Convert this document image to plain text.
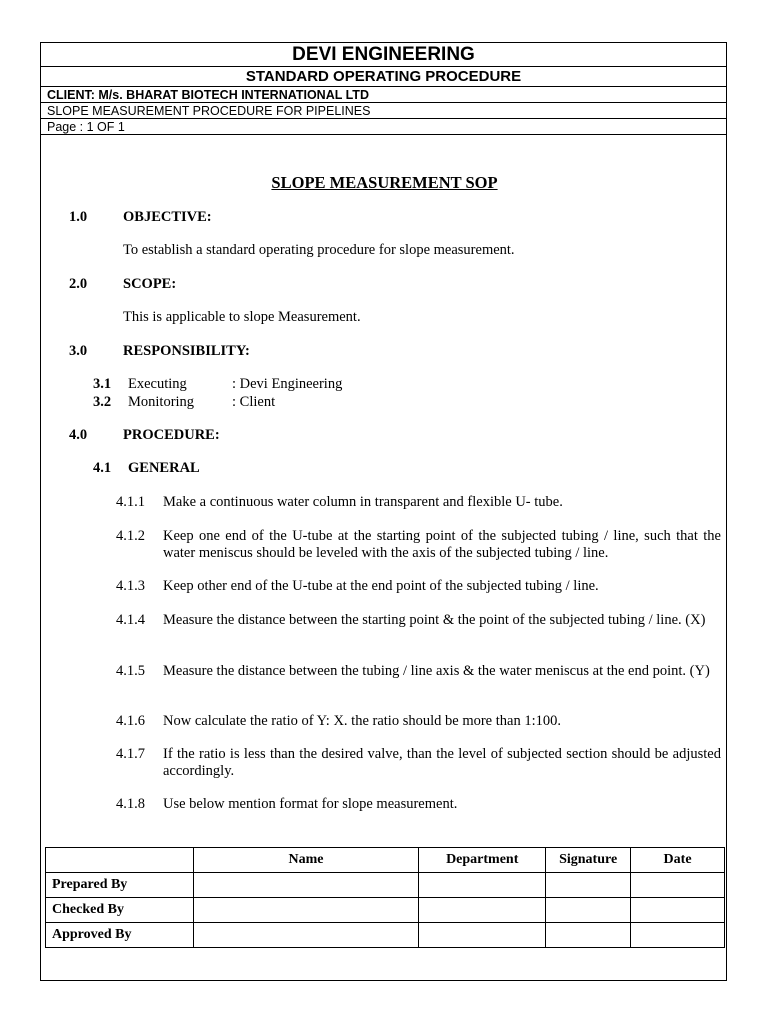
DEVI ENGINEERING
STANDARD OPERATING PROCEDURE
CLIENT: M/s. BHARAT BIOTECH INTERNATIONAL LTD
SLOPE MEASUREMENT PROCEDURE FOR PIPELINES
Page : 1 OF 1
SLOPE MEASUREMENT SOP
1.0 OBJECTIVE:
To establish a standard operating procedure for slope measurement.
2.0 SCOPE:
This is applicable to slope Measurement.
3.0 RESPONSIBILITY:
3.1 Executing	: Devi Engineering
3.2 Monitoring	: Client
4.0 PROCEDURE:
4.1 GENERAL
4.1.1 Make a continuous water column in transparent and flexible U- tube.
4.1.2 Keep one end of the U-tube at the starting point of the subjected tubing / line, such that the water meniscus should be leveled with the axis of the subjected tubing / line.
4.1.3 Keep other end of the U-tube at the end point of the subjected tubing / line.
4.1.4 Measure the distance between the starting point & the point of the subjected tubing / line. (X)
4.1.5 Measure the distance between the tubing / line axis & the water meniscus at the end point. (Y)
4.1.6 Now calculate the ratio of Y: X. the ratio should be more than 1:100.
4.1.7 If the ratio is less than the desired valve, than the level of subjected section should be adjusted accordingly.
4.1.8 Use below mention format for slope measurement.
	Name	Department	Signature	Date
Prepared By				
Checked By				
Approved By				
